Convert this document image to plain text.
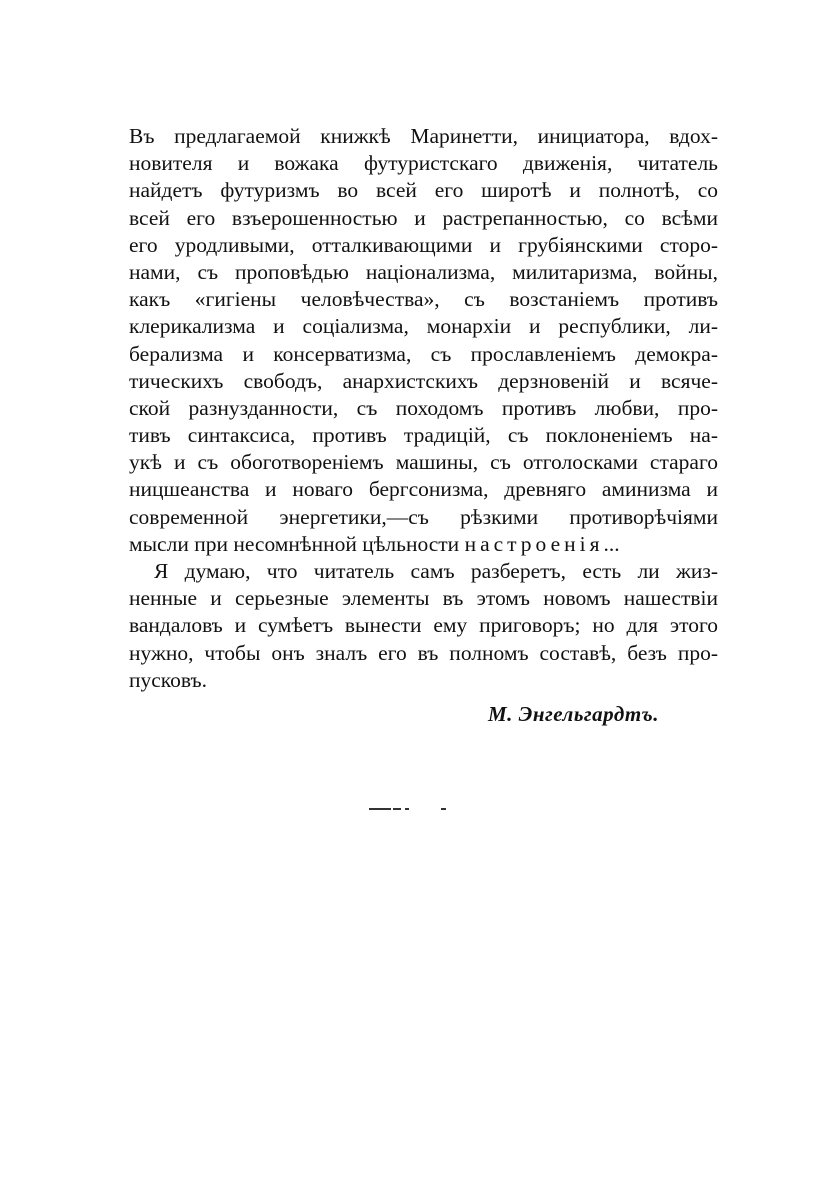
Въ предлагаемой книжкѣ Маринетти, инициатора, вдох-
новителя и вожака футуристскаго движенія, читатель
найдетъ футуризмъ во всей его широтѣ и полнотѣ, со
всей его взъерошенностью и растрепанностью, со всѣми
его уродливыми, отталкивающими и грубіянскими сторо-
нами, съ проповѣдью націонализма, милитаризма, войны,
какъ «гигіены человѣчества», съ возстаніемъ противъ
клерикализма и соціализма, монархіи и республики, ли-
берализма и консерватизма, съ прославленіемъ демокра-
тическихъ свободъ, анархистскихъ дерзновеній и всяче-
ской разнузданности, съ походомъ противъ любви, про-
тивъ синтаксиса, противъ традицій, съ поклоненіемъ на-
укѣ и съ обоготвореніемъ машины, съ отголосками стараго
ницшеанства и новаго бергсонизма, древняго аминизма и
современной энергетики,—съ рѣзкими противорѣчіями
мысли при несомнѣнной цѣльности настроенія...
Я думаю, что читатель самъ разберетъ, есть ли жиз-
ненные и серьезные элементы въ этомъ новомъ нашествіи
вандаловъ и сумѣетъ вынести ему приговоръ; но для этого
нужно, чтобы онъ зналъ его въ полномъ составѣ, безъ про-
пусковъ.
М. Энгельгардтъ.
